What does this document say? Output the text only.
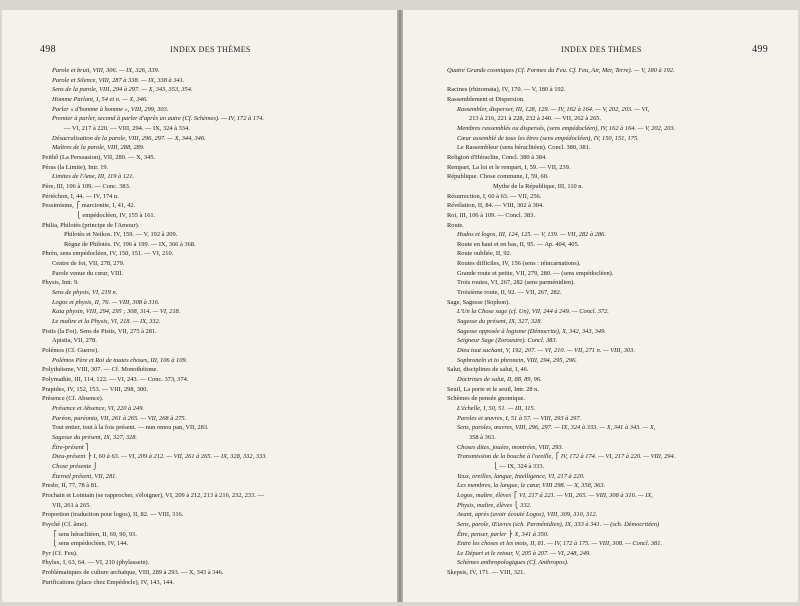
498	INDEX DES THÈMES
Parole et bruit, VIII, 306. — IX, 326, 339.
Parole et Silence, VIII, 287 à 338. — IX, 338 à 341.
Sens de la parole, VIII, 294 à 297. — X, 343, 353, 354.
Homme Parlant, I, 54 et n. — X, 346.
Parler « d'homme à homme », VIII, 299, 303.
Premier à parler, second à parler d'après un autre (Cf. Schèmes). — IV, 172 à 174.
— VI, 217 à 220. — VIII, 294. — IX, 324 à 334.
Désacralisation de la parole, VIII, 296, 297. — X, 344, 346.
Maîtres de la parole, VIII, 288, 289.
Peithô (La Persuasion), VII, 280. — X, 345.
Péras (la Limite), Intr. 19.
Limites de l'Ame, III, 119 à 121.
Père, III, 106 à 109. — Conc. 383.
Périéchon, I, 44. — IV, 174 n.
Pessimisme, ⎧ marcionite, I, 41, 42.
⎩ empédocléen, IV, 155 à 161.
Philia, Philotès (principe de l'Amour).
Philotès et Neikos. IV, 159. — V, 192 à 209.
Règne de Philotès. IV, 196 à 199. — IX, 366 à 368.
Phrèn, sens empédocléen, IV, 150, 151. — VI, 210.
Centre de foi, VII, 278, 279.
Parole venue du cœur, VIII.
Physis, Intr. 9.
Sens de physis, VI, 219 n.
Logos et physis, II, 76. — VIII, 308 à 316.
Kata physin, VIII, 294, 295 ; 308, 314. — VI, 218.
Le maître et la Physis, VI, 218. — IX, 332.
Pistis (la Foi). Sens de Pistis, VII, 275 à 281.
Apistia, VII, 278.
Polémos (Cf. Guerre).
Polémos Père et Roi de toutes choses, III, 106 à 109.
Polythéisme, VIII, 307. — Cf. Monothéisme.
Polymathie, III, 114, 122. — VI, 243. — Conc. 373, 374.
Prapides, IV, 152, 153. — VIII, 298, 300.
Présence (Cf. Absence).
Présence et Absence, VI, 220 à 249.
Paréon, paréonta, VII, 261 à 265. — VII, 268 à 275.
Tout entier, tout à la fois présent. — nun omou pan, VII, 283.
Sagesse du présent, IX, 327, 328.
Être-présent ⎫
Dieu-présent ⎬ I, 60 à 63. — VI, 209 à 212. — VII, 261 à 265. — IX, 328, 332, 333.
Chose présente ⎭
Éternel présent, VII, 281.
Presbr, II, 77, 78 à 81.
Prochain et Lointain (se rapprocher, s'éloigner), VI, 209 à 212, 213 à 216, 232, 233. —
VII, 261 à 265.
Proportion (traduction pour logos), II, 82. — VIII, 316.
Psyché (Cf. âme).
⎧ sens héraclitéen, II, 69, 90, 93.
⎩ sens empédocléen, IV, 144.
Pyr (Cf. Feu).
Phylax, I, 63, 64. — VI, 210 (phylassein).
Problématiques de culture archaïque, VIII, 289 à 293. — X, 343 à 346.
Purifications (place chez Empédocle), IV, 143, 144.
INDEX DES THÈMES	499
Quatre Grands cosmiques (Cf. Formes du Feu. Cf. Feu, Air, Mer, Terre). — V, 180 à 192.
Racines (rhizomata), IV, 170. — V, 180 à 192.
Rassemblement et Dispersion.
Rassembler, disperser, III, 128, 129. — IV, 162 à 164. — V, 202, 203. — VI,
213 à 216, 221 à 228, 232 à 240. — VII, 262 à 265.
Membres rassemblés ou dispersés, (sens empédocléen), IV, 162 à 164. — V, 202, 203.
Cœur assemblé de tous les êtres (sens empédocléen), IV, 150, 151, 175.
Le Rassembleur (sens héraclitéen). Concl. 380, 381.
Religion d'Héraclite, Concl. 380 à 384.
Rempart, La loi et le rempart, I, 59. — VII, 239.
République. Chose commune, I, 59, 60.
Mythe de la République, III, 110 n.
Résurrection, I, 60 à 63. — VII, 256.
Révélation, II, 84. — VIII, 302 à 304.
Roi, III, 106 à 109. — Concl. 383.
Route.
Hodos et logos, III, 124, 125. — V, 139. — VII, 282 à 286.
Route en haut et en bas, II, 95. — Ap. 404, 405.
Route oubliée, II, 92.
Routes difficiles, IV, 156 (sens : réincarnations).
Grande route et petite, VII, 279, 280. — (sens empédocléen).
Trois routes, VI, 267, 282 (sens parménidien).
Troisième route, II, 92. — VII, 267, 282.
Sage, Sagesse (Sophon).
L'Un la Chose sage (cf. Un), VII, 244 à 249. — Concl. 372.
Sagesse du présent, IX, 327, 328.
Sagesse opposée à logisme (Démocrite), X, 342, 343, 349.
Seigneur Sage (Zoroastre). Concl. 383.
Dieu tout sachant, V, 192, 207. — VI, 210. — VII, 271 n. — VIII, 303.
Sophroneîn et to phronein, VIII, 294, 295, 296.
Salut, disciplines de salut, I, 46.
Doctrines de salut, II, 88, 89, 96.
Seuil, La porte et le seuil, Intr. 28 n.
Schèmes de pensée gnomique.
L'échelle, I, 50, 51. — III, 115.
Paroles et œuvres, I, 51 à 57. — VIII, 293 à 297.
Sens, paroles, œuvres, VIII, 296, 297. — IX, 324 à 333. — X, 341 à 343. — X,
358 à 363.
Choses dites, jouées, montrées, VIII, 293.
Transmission de la bouche à l'oreille, ⎧ IV, 172 à 174. — VI, 217 à 220. — VIII, 294.
⎩ — IX, 324 à 333.
Yeux, oreilles, langue, Intelligence, VI, 217 à 220.
Les membres, la langue, le cœur, VIII 298. — X, 358, 363.
Logos, maître, élèves ⎧ VI, 217 à 221. — VII, 265. — VIII, 308 à 316. — IX,
Physis, maître, élèves ⎩ 332.
Avant, après (avoir écouté Logos), VIII, 309, 310, 312.
Sens, parole, Œuvres (sch. Parménidien), IX, 333 à 341. — (sch. Démocritéen)
Être, penser, parler ⎬ X, 341 à 350.
Entre les choses et les mots, II, 81. — IV, 172 à 175. — VIII, 308. — Concl. 381.
Le Départ et le retour, V, 205 à 207. — VI, 248, 249.
Schèmes anthropologiques (Cf. Anthropos).
Skepsis, IV, 171. — VIII, 321.
